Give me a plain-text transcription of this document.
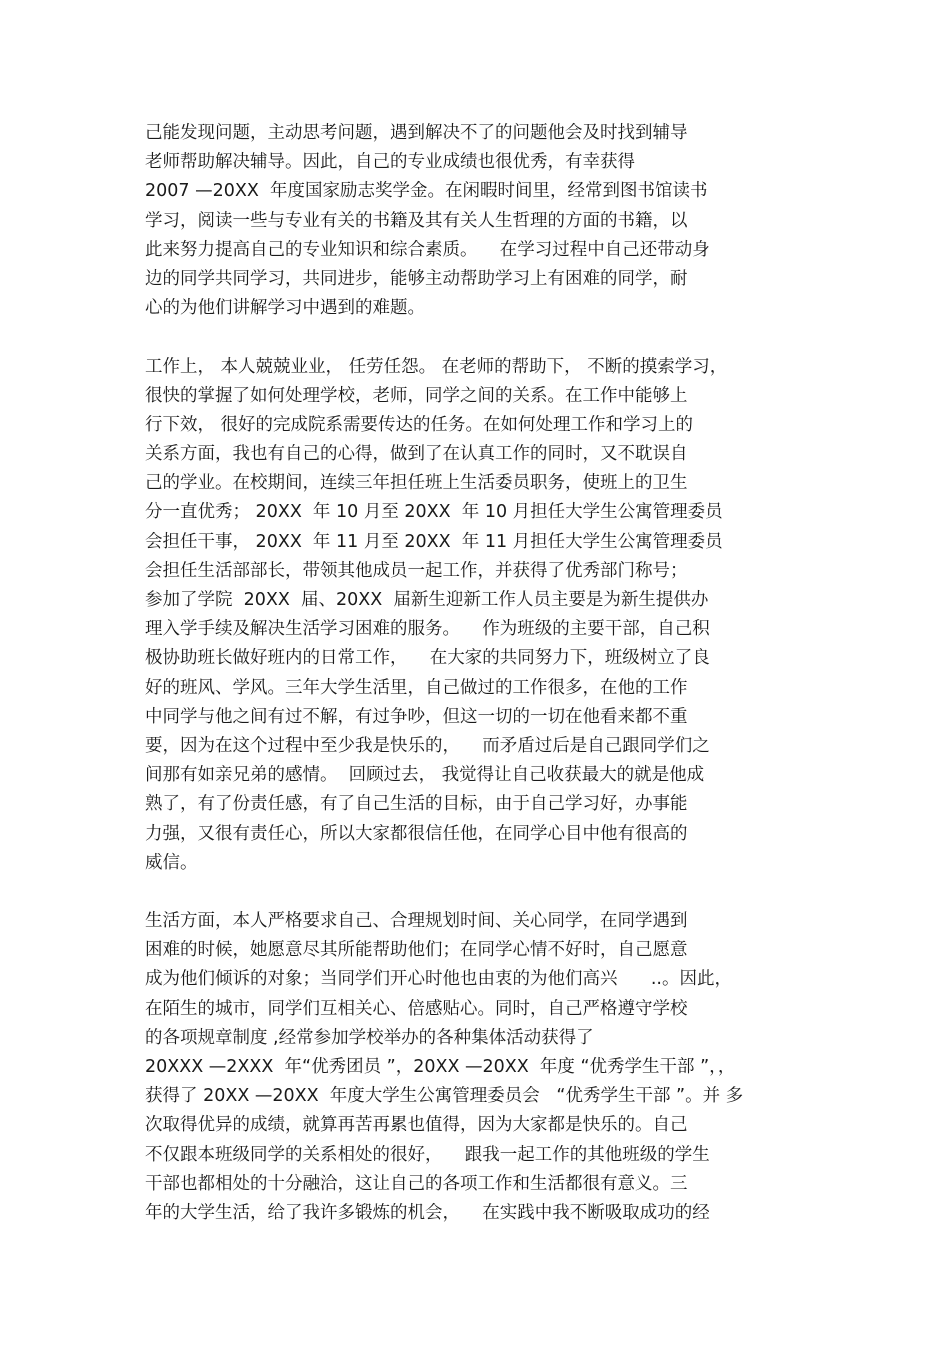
己能发现问题，主动思考问题，遇到解决不了的问题他会及时找到辅导
老师帮助解决辅导。因此，自己的专业成绩也很优秀，有幸获得
2007 —20XX  年度国家励志奖学金。在闲暇时间里，经常到图书馆读书
学习，阅读一些与专业有关的书籍及其有关人生哲理的方面的书籍，以
此来努力提高自己的专业知识和综合素质。    在学习过程中自己还带动身
边的同学共同学习，共同进步，能够主动帮助学习上有困难的同学，耐
心的为他们讲解学习中遇到的难题。
工作上， 本人兢兢业业， 任劳任怨。 在老师的帮助下， 不断的摸索学习，
很快的掌握了如何处理学校，老师，同学之间的关系。在工作中能够上
行下效， 很好的完成院系需要传达的任务。在如何处理工作和学习上的
关系方面，我也有自己的心得，做到了在认真工作的同时，又不耽误自
己的学业。在校期间，连续三年担任班上生活委员职务，使班上的卫生
分一直优秀； 20XX  年 10 月至 20XX  年 10 月担任大学生公寓管理委员
会担任干事， 20XX  年 11 月至 20XX  年 11 月担任大学生公寓管理委员
会担任生活部部长，带领其他成员一起工作，并获得了优秀部门称号；
参加了学院  20XX  届、20XX  届新生迎新工作人员主要是为新生提供办
理入学手续及解决生活学习困难的服务。    作为班级的主要干部，自己积
极协助班长做好班内的日常工作，    在大家的共同努力下，班级树立了良
好的班风、学风。三年大学生活里，自己做过的工作很多，在他的工作
中同学与他之间有过不解，有过争吵，但这一切的一切在他看来都不重
要，因为在这个过程中至少我是快乐的，    而矛盾过后是自己跟同学们之
间那有如亲兄弟的感情。  回顾过去， 我觉得让自己收获最大的就是他成
熟了，有了份责任感，有了自己生活的目标，由于自己学习好，办事能
力强，又很有责任心，所以大家都很信任他，在同学心目中他有很高的
威信。
生活方面，本人严格要求自己、合理规划时间、关心同学，在同学遇到
困难的时候，她愿意尽其所能帮助他们；在同学心情不好时，自己愿意
成为他们倾诉的对象；当同学们开心时他也由衷的为他们高兴      ..。因此，
在陌生的城市，同学们互相关心、倍感贴心。同时，自己严格遵守学校
的各项规章制度 ,经常参加学校举办的各种集体活动获得了
20XXX —2XXX  年“优秀团员 ”，20XX —20XX  年度 “优秀学生干部 ”，，
获得了 20XX —20XX  年度大学生公寓管理委员会   “优秀学生干部 ”。并 多
次取得优异的成绩，就算再苦再累也值得，因为大家都是快乐的。自己
不仅跟本班级同学的关系相处的很好，    跟我一起工作的其他班级的学生
干部也都相处的十分融洽，这让自己的各项工作和生活都很有意义。三
年的大学生活，给了我许多锻炼的机会，    在实践中我不断吸取成功的经
